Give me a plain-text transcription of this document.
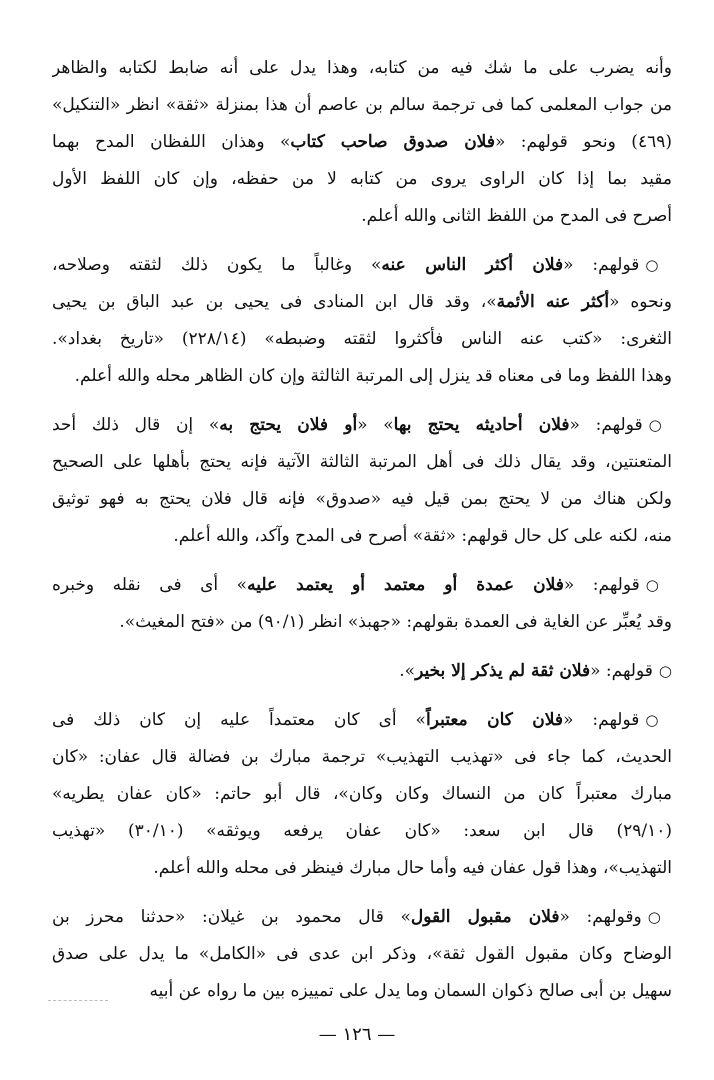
وأنه يضرب على ما شك فيه من كتابه، وهذا يدل على أنه ضابط لكتابه والظاهر
من جواب المعلمى كما فى ترجمة سالم بن عاصم أن هذا بمنزلة «ثقة» انظر «التنكيل»
(٤٦٩) ونحو قولهم: «فلان صدوق صاحب كتاب» وهذان اللفظان المدح بهما
مقيد بما إذا كان الراوى يروى من كتابه لا من حفظه، وإن كان اللفظ الأول
أصرح فى المدح من اللفظ الثانى والله أعلم.
○قولهم: «فلان أكثر الناس عنه» وغالباً ما يكون ذلك لثقته وصلاحه،
ونحوه «أكثر عنه الأئمة»، وقد قال ابن المنادى فى يحيى بن عبد الباق بن يحيى
الثغرى: «كتب عنه الناس فأكثروا لثقته وضبطه» (٢٢٨/١٤) «تاريخ بغداد».
وهذا اللفظ وما فى معناه قد ينزل إلى المرتبة الثالثة وإن كان الظاهر محله والله أعلم.
○قولهم: «فلان أحاديثه يحتج بها» «أو فلان يحتج به» إن قال ذلك أحد
المتعنتين، وقد يقال ذلك فى أهل المرتبة الثالثة الآتية فإنه يحتج بأهلها على الصحيح
ولكن هناك من لا يحتج بمن قيل فيه «صدوق» فإنه قال فلان يحتج به فهو توثيق
منه، لكنه على كل حال قولهم: «ثقة» أصرح فى المدح وآكد، والله أعلم.
○قولهم: «فلان عمدة أو معتمد أو يعتمد عليه» أى فى نقله وخبره
وقد يُعبِّر عن الغاية فى العمدة بقولهم: «جهبذ» انظر (٩٠/١) من «فتح المغيث».
○قولهم: «فلان ثقة لم يذكر إلا بخير».
○قولهم: «فلان كان معتبراً» أى كان معتمداً عليه إن كان ذلك فى
الحديث، كما جاء فى «تهذيب التهذيب» ترجمة مبارك بن فضالة قال عفان: «كان
مبارك معتبراً كان من النساك وكان وكان»، قال أبو حاتم: «كان عفان يطريه»
(٢٩/١٠) قال ابن سعد: «كان عفان يرفعه ويوثقه» (٣٠/١٠) «تهذيب
التهذيب»، وهذا قول عفان فيه وأما حال مبارك فينظر فى محله والله أعلم.
○وقولهم: «فلان مقبول القول» قال محمود بن غيلان: «حدثنا محرز بن
الوضاح وكان مقبول القول ثقة»، وذكر ابن عدى فى «الكامل» ما يدل على صدق
سهيل بن أبى صالح ذكوان السمان وما يدل على تمييزه بين ما رواه عن أبيه
— ١٢٦ —
